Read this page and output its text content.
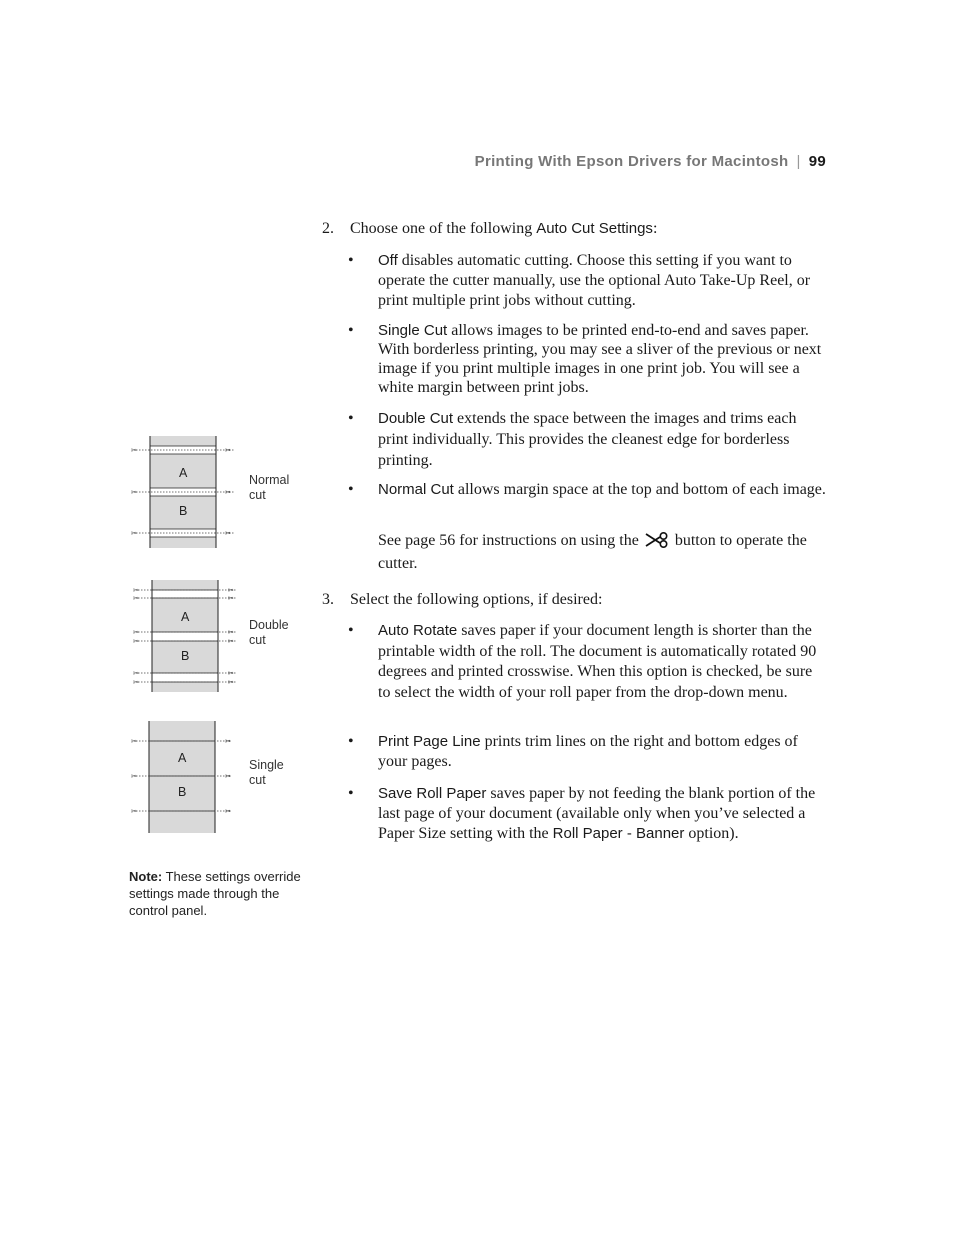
Printing With Epson Drivers for Macintosh | 99
2. Choose one of the following Auto Cut Settings:
• Off disables automatic cutting. Choose this setting if you want to operate the cutter manually, use the optional Auto Take-Up Reel, or print multiple print jobs without cutting.
• Single Cut allows images to be printed end-to-end and saves paper. With borderless printing, you may see a sliver of the previous or next image if you print multiple images in one print job. You will see a white margin between print jobs.
• Double Cut extends the space between the images and trims each print individually. This provides the cleanest edge for borderless printing.
• Normal Cut allows margin space at the top and bottom of each image.
See page 56 for instructions on using the button to operate the cutter.
3. Select the following options, if desired:
• Auto Rotate saves paper if your document length is shorter than the printable width of the roll. The document is automatically rotated 90 degrees and printed crosswise. When this option is checked, be sure to select the width of your roll paper from the drop-down menu.
• Print Page Line prints trim lines on the right and bottom edges of your pages.
• Save Roll Paper saves paper by not feeding the blank portion of the last page of your document (available only when you’ve selected a Paper Size setting with the Roll Paper - Banner option).
✂	✂
✂	✂
✂	✂
A
B
Normal
cut
✂	✂
✂	✂
✂	✂
✂	✂
✂	✂
✂	✂
A
B
Double
cut
✂	✂
✂	✂
✂	✂
A
B
Single
cut
Note: These settings override settings made through the control panel.
